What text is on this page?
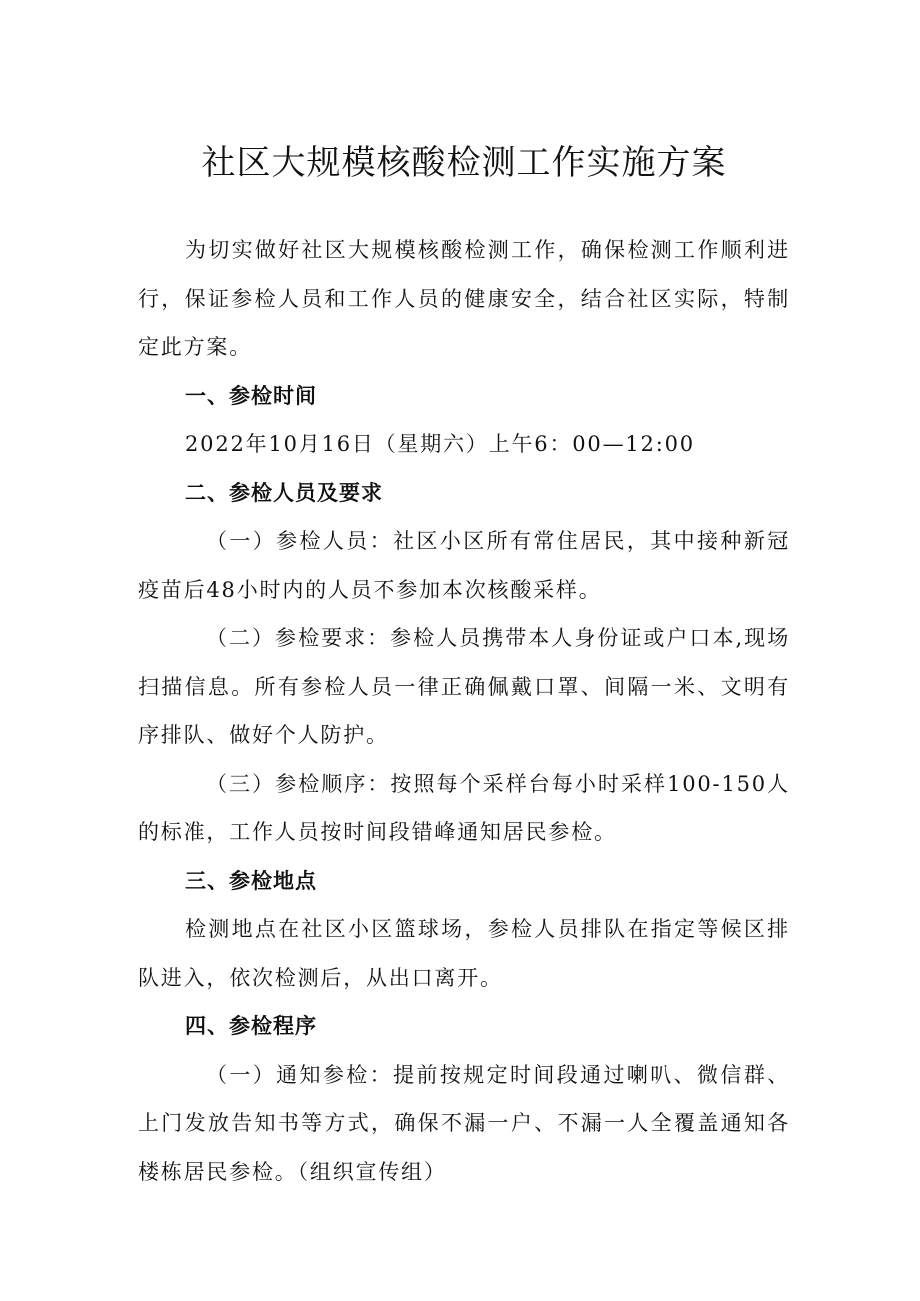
社区大规模核酸检测工作实施方案

为切实做好社区大规模核酸检测工作，确保检测工作顺利进行，保证参检人员和工作人员的健康安全，结合社区实际，特制定此方案。

一、参检时间

2022年10月16日（星期六）上午6：00—12:00

二、参检人员及要求

（一）参检人员：社区小区所有常住居民，其中接种新冠疫苗后48小时内的人员不参加本次核酸采样。

（二）参检要求：参检人员携带本人身份证或户口本,现场扫描信息。所有参检人员一律正确佩戴口罩、间隔一米、文明有序排队、做好个人防护。

（三）参检顺序：按照每个采样台每小时采样100-150人的标准，工作人员按时间段错峰通知居民参检。

三、参检地点

检测地点在社区小区篮球场，参检人员排队在指定等候区排队进入，依次检测后，从出口离开。

四、参检程序

（一）通知参检：提前按规定时间段通过喇叭、微信群、上门发放告知书等方式，确保不漏一户、不漏一人全覆盖通知各楼栋居民参检。（组织宣传组）
